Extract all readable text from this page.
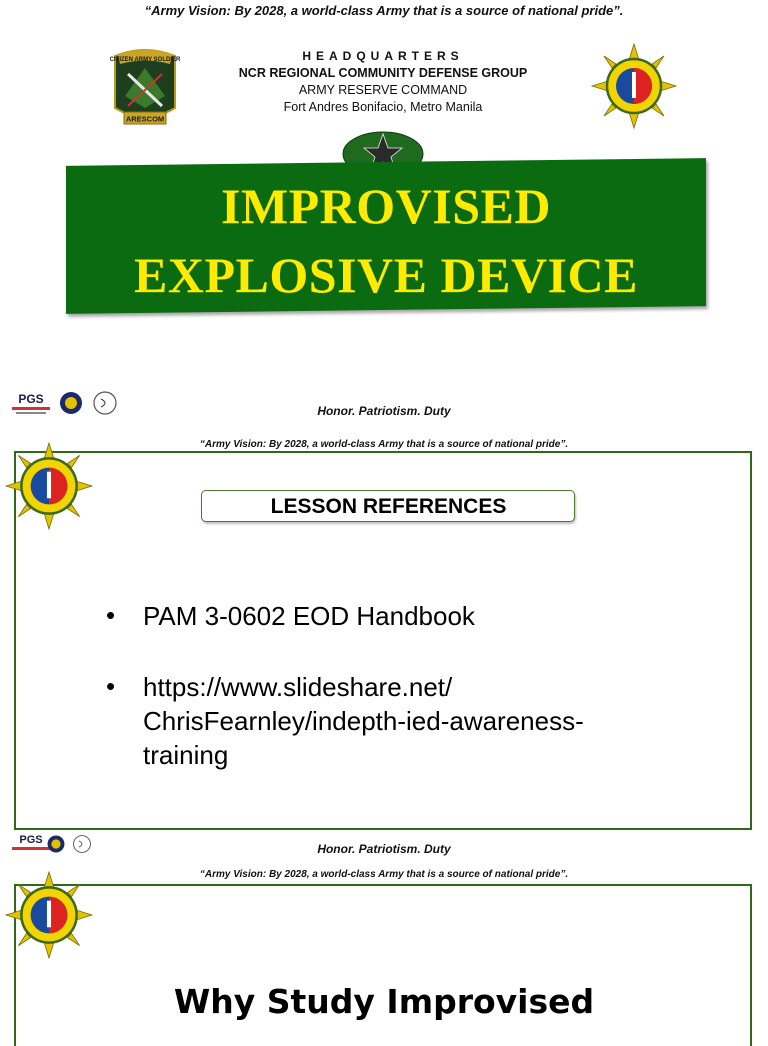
“Army Vision: By 2028, a world-class Army that is a source of national pride”.
CITIZEN ARMY SOLDIER
ARESCOM
HEADQUARTERS
NCR REGIONAL COMMUNITY DEFENSE GROUP
ARMY RESERVE COMMAND
Fort Andres Bonifacio, Metro Manila
IMPROVISED
EXPLOSIVE DEVICE
PGS
Honor. Patriotism. Duty
“Army Vision: By 2028, a world-class Army that is a source of national pride”.
LESSON REFERENCES
• PAM 3-0602 EOD Handbook
• https://www.slideshare.net/
ChrisFearnley/indepth-ied-awareness-
training
PGS
Honor. Patriotism. Duty
“Army Vision: By 2028, a world-class Army that is a source of national pride”.
Why Study Improvised
